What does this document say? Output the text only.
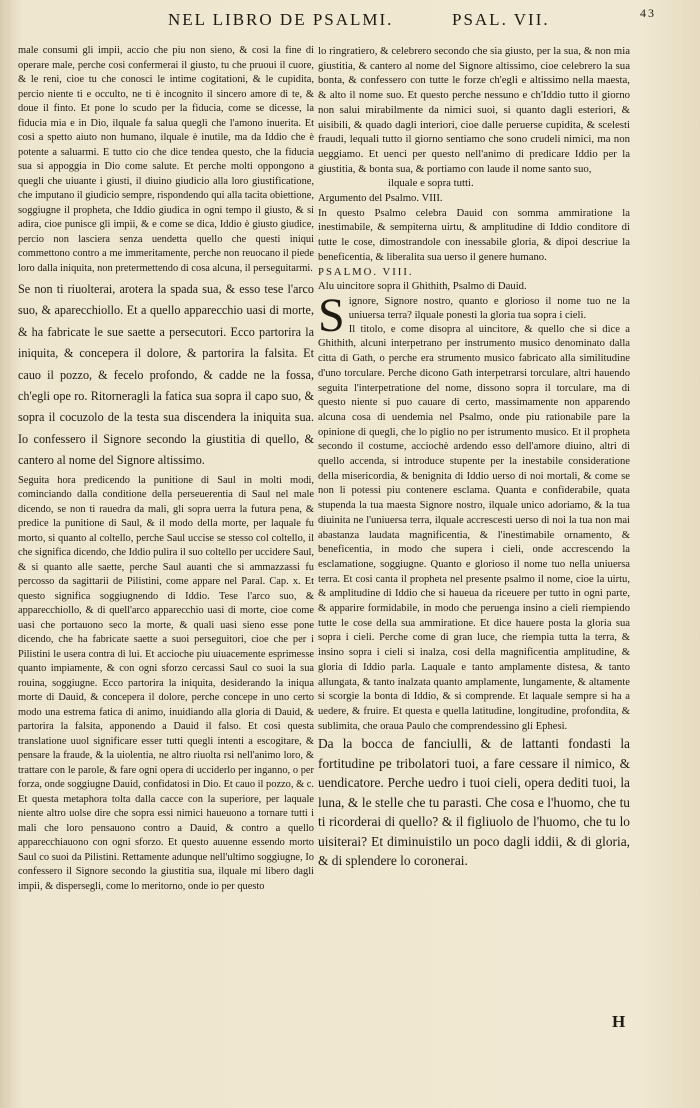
NEL LIBRO DE PSALMI.	PSAL. VII.	43

male consumi gli impii, accio che piu non sieno, & cosi la fine di operare male, perche cosi confermerai il giusto, tu che pruoui il cuore, & le reni, cioe tu che conosci le intime cogitationi, & le cupidita, percio niente ti e occulto, ne ti è incognito il sincero amore di te, & doue il finto. Et pone lo scudo per la fiducia, come se dicesse, la fiducia mia e in Dio, ilquale fa salua quegli che l'amono inuerita. Et cosi a spetto aiuto non humano, ilquale è inutile, ma da Iddio che è potente a saluarmi. E tutto cio che dice tendea questo, che la fiducia sua si appoggia in Dio come salute. Et perche molti oppongono a quegli che uiuante i giusti, il diuino giudicio alla loro giustificatione, che imputano il giudicio sempre, rispondendo qui alla tacita obiettione, soggiugne il propheta, che Iddio giudica in ogni tempo il giusto, & si adira, cioe punisce gli impii, & e come se dica, Iddio è giusto giudice, percio non lasciera senza uendetta quello che questi iniqui commettono contro a me immeritamente, perche non reuocano il piede loro dalla iniquita, non pretermettendo di cosa alcuna, il perseguitarmi.

Se non ti riuolterai, arotera la spada sua, & esso tese l'arco suo, & aparecchiollo. Et a quello apparecchio uasi di morte, & ha fabricate le sue saette a persecutori. Ecco partorira la iniquita, & concepera il dolore, & partorira la falsita. Et cauo il pozzo, & fecelo profondo, & cadde ne la fossa, ch'egli ope ro. Ritorneragli la fatica sua sopra il capo suo, & sopra il cocuzolo de la testa sua discendera la iniquita sua. Io confessero il Signore secondo la giustitia di quello, & cantero al nome del Signore altissimo.

Seguita hora predicendo la punitione di Saul in molti modi, cominciando dalla conditione della perseuerentia di Saul nel male dicendo, se non ti rauedra da mali, gli sopra uerra la futura pena, & predice la punitione di Saul, & il modo della morte, per laquale fu morto, si quanto al coltello, perche Saul uccise se stesso col coltello, il che significa dicendo, che Iddio pulira il suo coltello per uccidere Saul, & si quanto alle saette, perche Saul auanti che si ammazzassi fu percosso da sagittarii de Pilistini, come appare nel Paral. Cap. x. Et questo significa soggiugnendo di Iddio. Tese l'arco suo, & apparecchiollo, & di quell'arco apparecchio uasi di morte, cioe come uasi che portauono seco la morte, & quali uasi sieno esse pone dicendo, che ha fabricate saette a suoi perseguitori, cioe che per i Pilistini le usera contra di lui. Et accioche piu uiuacemente esprimesse quanto impiamente, & con ogni sforzo cercassi Saul co suoi la sua rouina, soggiugne. Ecco partorira la iniquita, desiderando la iniqua morte di Dauid, & concepera il dolore, perche concepe in uno certo modo una estrema fatica di animo, inuidiando alla gloria di Dauid, & partorira la falsita, apponendo a Dauid il falso. Et cosi questa translatione uuol significare esser tutti quegli intenti a escogitare, & pensare la fraude, & la uiolentia, ne altro riuolta rsi nell'animo loro, & trattare con le parole, & fare ogni opera di ucciderlo per inganno, o per forza, onde soggiugne Dauid, confidatosi in Dio. Et cauo il pozzo, & c. Et questa metaphora tolta dalla cacce con la superiore, per laquale niente altro uolse dire che sopra essi nimici haueuono a tornare tutti i mali che loro pensauono contro a Dauid, & contro a quello apparecchiauono con ogni sforzo. Et questo auuenne essendo morto Saul co suoi da Pilistini. Rettamente adunque nell'ultimo soggiugne, Io confessero il Signore secondo la giustitia sua, ilquale mi libero dagli impii, & dispersegli, come lo meritorno, onde io per questo

lo ringratiero, & celebrero secondo che sia giusto, per la sua, & non mia giustitia, & cantero al nome del Signore altissimo, cioe celebrero la sua bonta, & confessero con tutte le forze ch'egli e altissimo nella maesta, & alto il nome suo. Et questo perche nessuno e ch'Iddio tutto il giorno non salui mirabilmente da nimici suoi, si quanto dagli esteriori, & uisibili, & quado dagli interiori, cioe dalle peruerse cupidita, & scelesti fraudi, lequali tutto il giorno sentiamo che sono crudeli nimici, ma non ueggiamo. Et uenci per questo nell'animo di predicare Iddio per la giustitia, & bonta sua, & portiamo con laude il nome santo suo,

ilquale e sopra tutti.

Argumento del Psalmo. VIII.

In questo Psalmo celebra Dauid con somma ammiratione la inestimabile, & sempiterna uirtu, & amplitudine di Iddio conditore di tutte le cose, dimostrandole con inessabile gloria, & dipoi descriue la beneficentia, & liberalita sua uerso il genere humano.

PSALMO. VIII.

Alu uincitore sopra il Ghithith, Psalmo di Dauid.

Signore, Signore nostro, quanto e glorioso il nome tuo ne la uniuersa terra? ilquale ponesti la gloria tua sopra i cieli.

Il titolo, e come disopra al uincitore, & quello che si dice a Ghithith, alcuni interpetrano per instrumento musico denominato dalla citta di Gath, o perche era strumento musico fabricato alla similitudine d'uno torculare. Perche dicono Gath interpetrarsi torculare, altri hauendo seguita l'interpetratione del nome, dissono sopra il torculare, ma di questo niente si puo cauare di certo, massimamente non apparendo alcuna cosa di uendemia nel Psalmo, onde piu rationabile pare la opinione di quegli, che lo piglio no per istrumento musico. Et il propheta secondo il costume, acciochè ardendo esso dell'amore diuino, altri di quello accenda, si introduce stupente per la inestabile consideratione della misericordia, & benignita di Iddio uerso di noi mortali, & come se non li potessi piu contenere esclama. Quanta e confiderabile, quata stupenda la tua maesta Signore nostro, ilquale unico adoriamo, & la tua diuinita ne l'uniuersa terra, ilquale accrescesti uerso di noi la tua non mai abastanza laudata magnificentia, & l'inestimabile ornamento, & beneficentia, in modo che supera i cieli, onde accrescendo la esclamatione, soggiugne. Quanto e glorioso il nome tuo nella uniuersa terra. Et cosi canta il propheta nel presente psalmo il nome, cioe la uirtu, & amplitudine di Iddio che si haueua da riceuere per tutto in ogni parte, & apparire formidabile, in modo che peruenga insino a cieli riempiendo tutte le cose della sua ammiratione. Et dice hauere posta la gloria sua sopra i cieli. Perche come di gran luce, che riempia tutta la terra, & insino sopra i cieli si inalza, cosi della magnificentia amplitudine, & gloria di Iddio parla. Laquale e tanto amplamente distesa, & tanto allungata, & tanto inalzata quanto amplamente, lungamente, & altamente si scorgie la bonta di Iddio, & si comprende. Et laquale sempre si ha a uedere, & fruire. Et questa e quella latitudine, longitudine, profondita, & sublimita, che oraua Paulo che comprendessino gli Ephesi.

Da la bocca de fanciulli, & de lattanti fondasti la fortitudine pe tribolatori tuoi, a fare cessare il nimico, & uendicatore. Perche uedro i tuoi cieli, opera dediti tuoi, la luna, & le stelle che tu parasti. Che cosa e l'huomo, che tu ti ricorderai di quello? & il figliuolo de l'huomo, che tu lo uisiterai? Et diminuistilo un poco dagli iddii, & di gloria, & di splendere lo coronerai.

H
